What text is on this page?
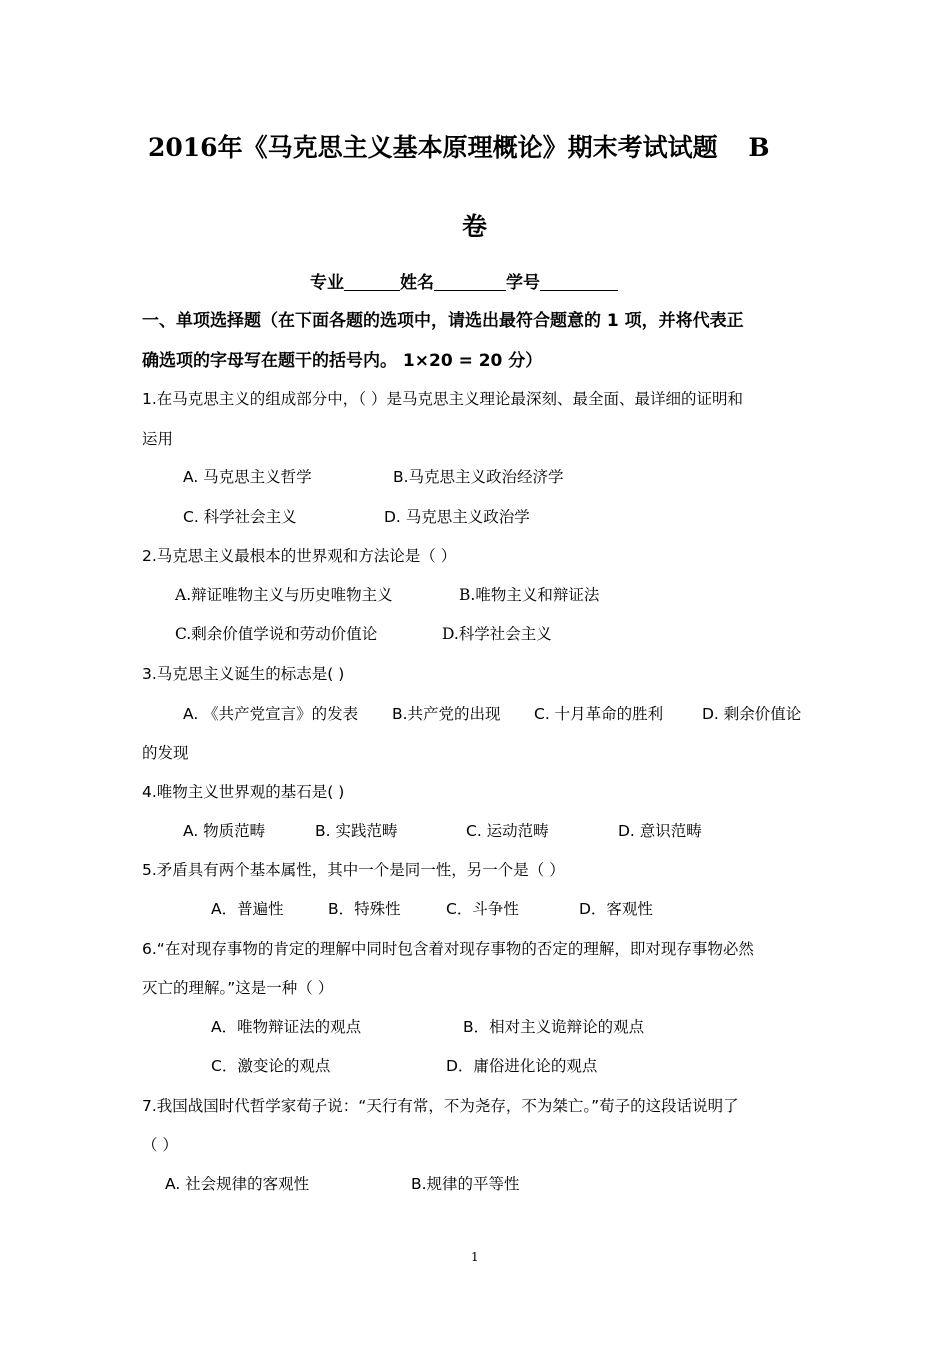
2016年《马克思主义基本原理概论》期末考试试题 B
卷
专业	姓名	学号
一、单项选择题（在下面各题的选项中，请选出最符合题意的 1 项，并将代表正
确选项的字母写在题干的括号内。 1×20 = 20 分）
1.在马克思主义的组成部分中，（ ）是马克思主义理论最深刻、最全面、最详细的证明和
运用
A. 马克思主义哲学	B.马克思主义政治经济学
C. 科学社会主义	D. 马克思主义政治学
2.马克思主义最根本的世界观和方法论是（ ）
A.辩证唯物主义与历史唯物主义	B.唯物主义和辩证法
C.剩余价值学说和劳动价值论	D.科学社会主义
3.马克思主义诞生的标志是( )
A. 《共产党宣言》的发表 B.共产党的出现 C. 十月革命的胜利	D. 剩余价值论
的发现
4.唯物主义世界观的基石是( )
A. 物质范畴	B. 实践范畴	C. 运动范畴	D. 意识范畴
5.矛盾具有两个基本属性，其中一个是同一性，另一个是（ ）
A．普遍性	B．特殊性	C．斗争性	D．客观性
6.“在对现存事物的肯定的理解中同时包含着对现存事物的否定的理解，即对现存事物必然
灭亡的理解。”这是一种（ ）
A．唯物辩证法的观点	B．相对主义诡辩论的观点
C．激变论的观点	D．庸俗进化论的观点
7.我国战国时代哲学家荀子说：“天行有常，不为尧存，不为桀亡。”荀子的这段话说明了
（ ）
A. 社会规律的客观性	B.规律的平等性
1
